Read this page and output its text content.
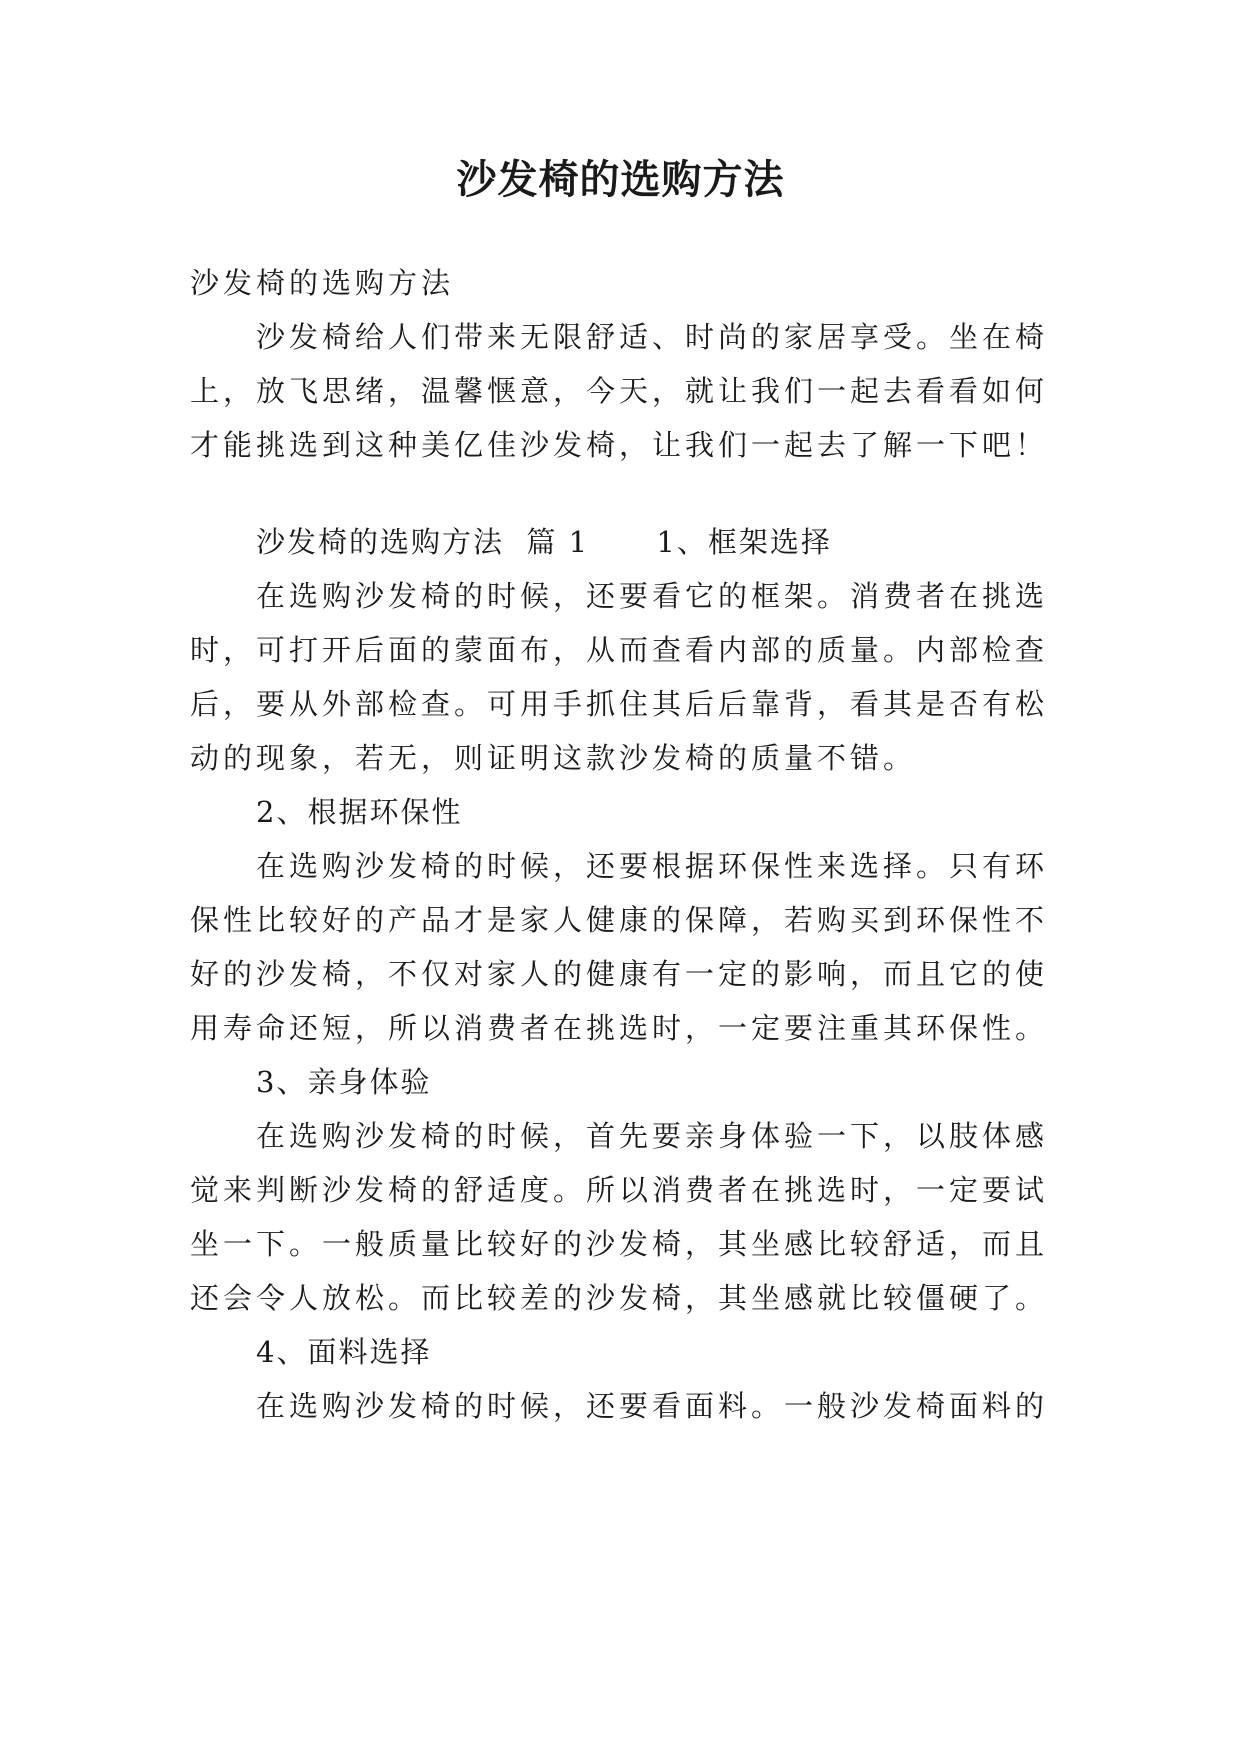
沙发椅的选购方法
沙发椅的选购方法
沙发椅给人们带来无限舒适、时尚的家居享受。坐在椅
上，放飞思绪，温馨惬意，今天，就让我们一起去看看如何
才能挑选到这种美亿佳沙发椅，让我们一起去了解一下吧！
沙发椅的选购方法  篇 1      1、框架选择
在选购沙发椅的时候，还要看它的框架。消费者在挑选
时，可打开后面的蒙面布，从而查看内部的质量。内部检查
后，要从外部检查。可用手抓住其后后靠背，看其是否有松
动的现象，若无，则证明这款沙发椅的质量不错。
2、根据环保性
在选购沙发椅的时候，还要根据环保性来选择。只有环
保性比较好的产品才是家人健康的保障，若购买到环保性不
好的沙发椅，不仅对家人的健康有一定的影响，而且它的使
用寿命还短，所以消费者在挑选时，一定要注重其环保性。
3、亲身体验
在选购沙发椅的时候，首先要亲身体验一下，以肢体感
觉来判断沙发椅的舒适度。所以消费者在挑选时，一定要试
坐一下。一般质量比较好的沙发椅，其坐感比较舒适，而且
还会令人放松。而比较差的沙发椅，其坐感就比较僵硬了。
4、面料选择
在选购沙发椅的时候，还要看面料。一般沙发椅面料的
